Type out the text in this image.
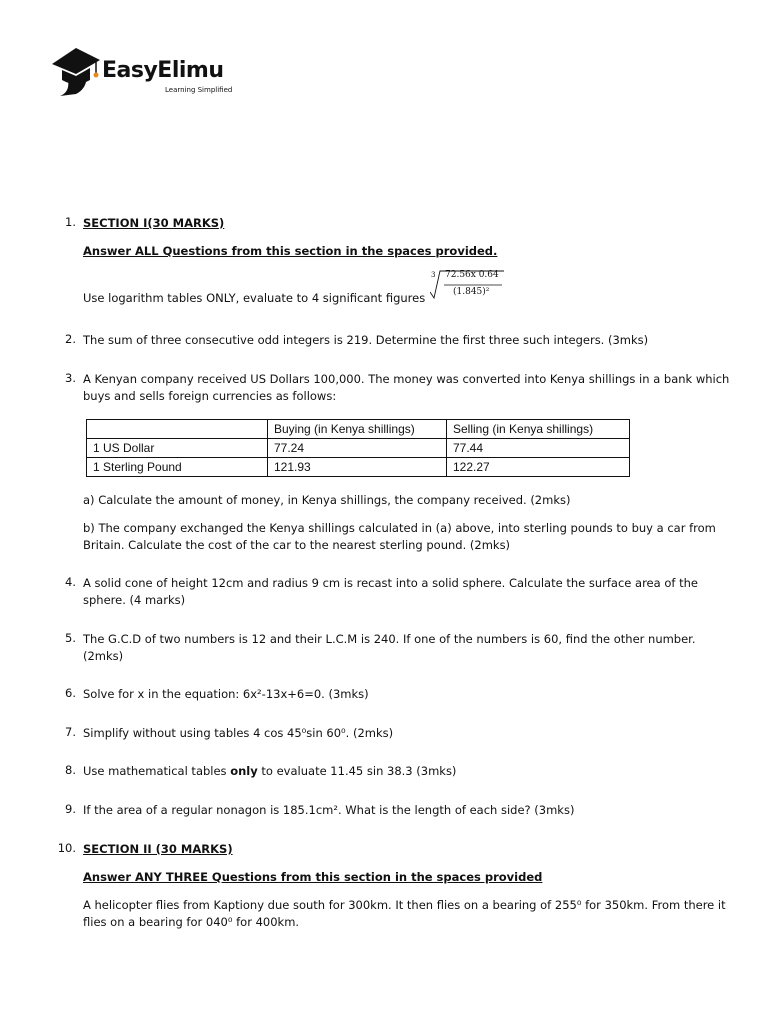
EasyElimu
Learning Simplified
1. SECTION I(30 MARKS)
Answer ALL Questions from this section in the spaces provided.
Use logarithm tables ONLY, evaluate to 4 significant figures
3 72.56x 0.64
(1.845)²
2. The sum of three consecutive odd integers is 219. Determine the first three such integers. (3mks)
3. A Kenyan company received US Dollars 100,000. The money was converted into Kenya shillings in a bank which buys and sells foreign currencies as follows:
	Buying (in Kenya shillings)	Selling (in Kenya shillings)
1 US Dollar	77.24	77.44
1 Sterling Pound	121.93	122.27
a) Calculate the amount of money, in Kenya shillings, the company received. (2mks)
b) The company exchanged the Kenya shillings calculated in (a) above, into sterling pounds to buy a car from Britain. Calculate the cost of the car to the nearest sterling pound. (2mks)
4. A solid cone of height 12cm and radius 9 cm is recast into a solid sphere. Calculate the surface area of the sphere. (4 marks)
5. The G.C.D of two numbers is 12 and their L.C.M is 240. If one of the numbers is 60, find the other number. (2mks)
6. Solve for x in the equation: 6x²-13x+6=0. (3mks)
7. Simplify without using tables 4 cos 45⁰sin 60⁰. (2mks)
8. Use mathematical tables only to evaluate 11.45 sin 38.3 (3mks)
9. If the area of a regular nonagon is 185.1cm². What is the length of each side? (3mks)
10. SECTION II (30 MARKS)
Answer ANY THREE Questions from this section in the spaces provided
A helicopter flies from Kaptiony due south for 300km. It then flies on a bearing of 255⁰ for 350km. From there it flies on a bearing for 040⁰ for 400km.
